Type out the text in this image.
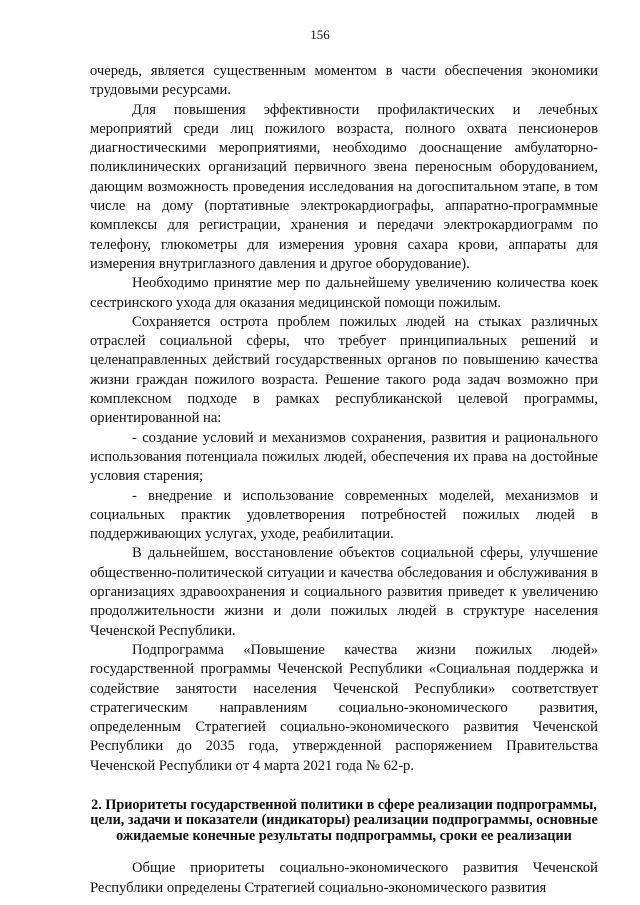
156

очередь, является существенным моментом в части обеспечения экономики трудовыми ресурсами.

Для повышения эффективности профилактических и лечебных мероприятий среди лиц пожилого возраста, полного охвата пенсионеров диагностическими мероприятиями, необходимо дооснащение амбулаторно-поликлинических организаций первичного звена переносным оборудованием, дающим возможность проведения исследования на догоспитальном этапе, в том числе на дому (портативные электрокардиографы, аппаратно-программные комплексы для регистрации, хранения и передачи электрокардиограмм по телефону, глюкометры для измерения уровня сахара крови, аппараты для измерения внутриглазного давления и другое оборудование).

Необходимо принятие мер по дальнейшему увеличению количества коек сестринского ухода для оказания медицинской помощи пожилым.

Сохраняется острота проблем пожилых людей на стыках различных отраслей социальной сферы, что требует принципиальных решений и целенаправленных действий государственных органов по повышению качества жизни граждан пожилого возраста. Решение такого рода задач возможно при комплексном подходе в рамках республиканской целевой программы, ориентированной на:

- создание условий и механизмов сохранения, развития и рационального использования потенциала пожилых людей, обеспечения их права на достойные условия старения;

- внедрение и использование современных моделей, механизмов и социальных практик удовлетворения потребностей пожилых людей в поддерживающих услугах, уходе, реабилитации.

В дальнейшем, восстановление объектов социальной сферы, улучшение общественно-политической ситуации и качества обследования и обслуживания в организациях здравоохранения и социального развития приведет к увеличению продолжительности жизни и доли пожилых людей в структуре населения Чеченской Республики.

Подпрограмма «Повышение качества жизни пожилых людей» государственной программы Чеченской Республики «Социальная поддержка и содействие занятости населения Чеченской Республики» соответствует стратегическим направлениям социально-экономического развития, определенным Стратегией социально-экономического развития Чеченской Республики до 2035 года, утвержденной распоряжением Правительства Чеченской Республики от 4 марта 2021 года № 62-р.

2. Приоритеты государственной политики в сфере реализации подпрограммы, цели, задачи и показатели (индикаторы) реализации подпрограммы, основные ожидаемые конечные результаты подпрограммы, сроки ее реализации

Общие приоритеты социально-экономического развития Чеченской Республики определены Стратегией социально-экономического развития
